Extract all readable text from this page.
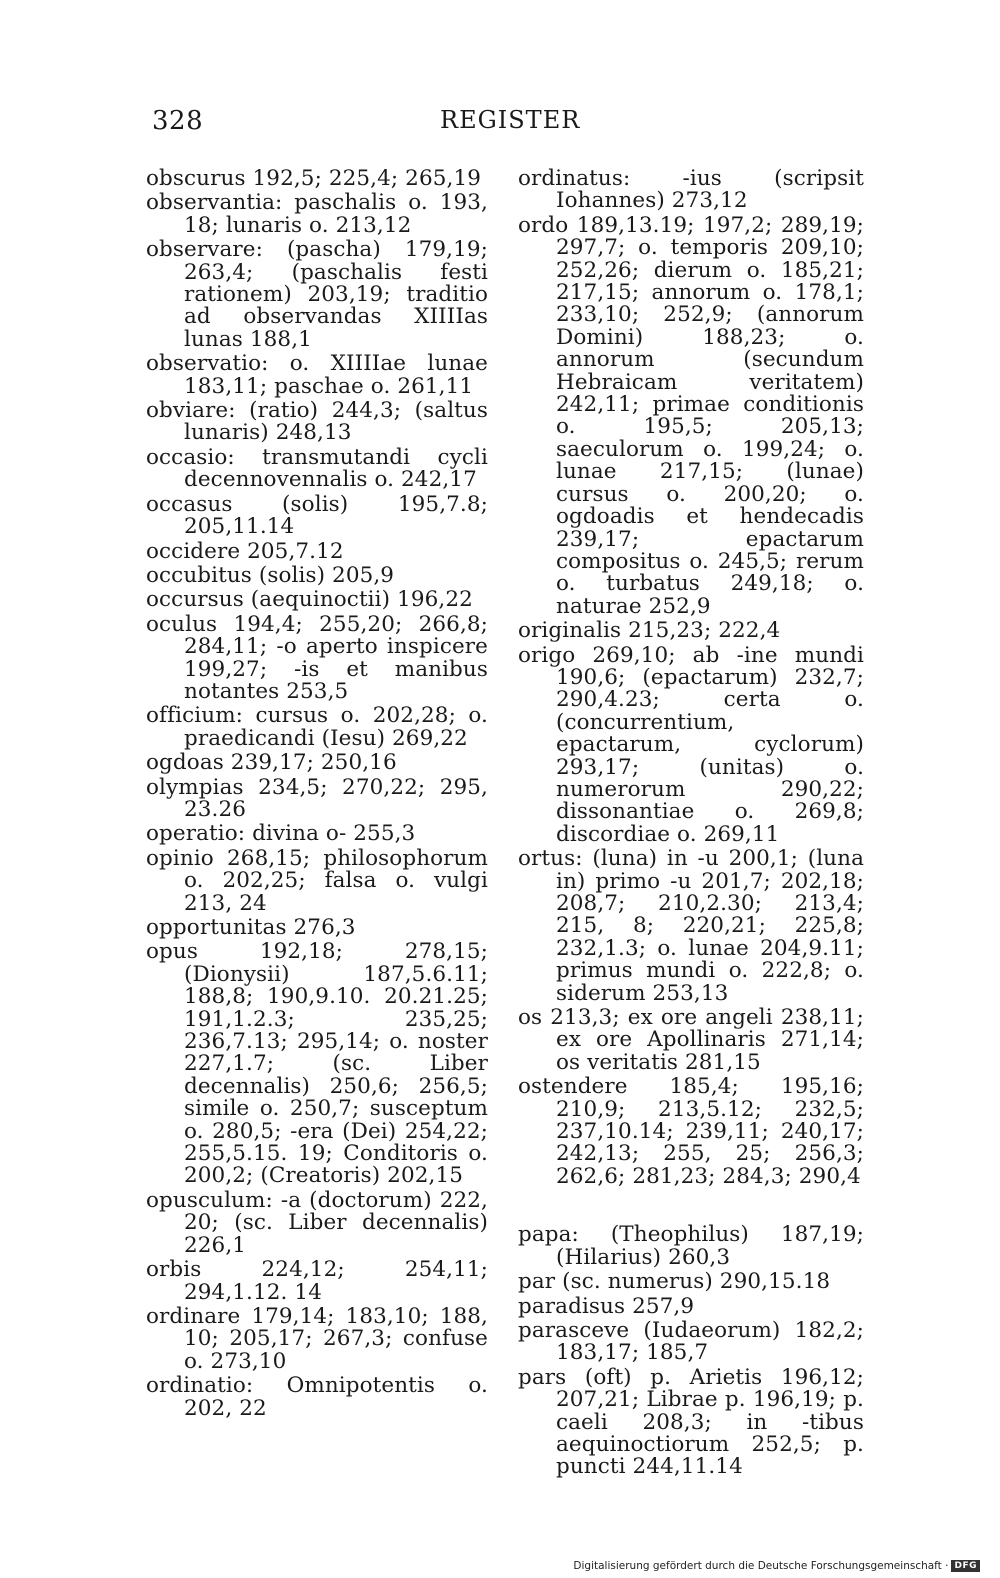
328	REGISTER
obscurus 192,5; 225,4; 265,19
observantia: paschalis o. 193, 18; lunaris o. 213,12
observare: (pascha) 179,19; 263,4; (paschalis festi rationem) 203,19; traditio ad observandas XIIIIas lunas 188,1
observatio: o. XIIIIae lunae 183,11; paschae o. 261,11
obviare: (ratio) 244,3; (saltus lunaris) 248,13
occasio: transmutandi cycli decennovennalis o. 242,17
occasus (solis) 195,7.8; 205,11.14
occidere 205,7.12
occubitus (solis) 205,9
occursus (aequinoctii) 196,22
oculus 194,4; 255,20; 266,8; 284,11; -o aperto inspicere 199,27; -is et manibus notantes 253,5
officium: cursus o. 202,28; o. praedicandi (Iesu) 269,22
ogdoas 239,17; 250,16
olympias 234,5; 270,22; 295, 23.26
operatio: divina o- 255,3
opinio 268,15; philosophorum o. 202,25; falsa o. vulgi 213, 24
opportunitas 276,3
opus 192,18; 278,15; (Dionysii) 187,5.6.11; 188,8; 190,9.10. 20.21.25; 191,1.2.3; 235,25; 236,7.13; 295,14; o. noster 227,1.7; (sc. Liber decennalis) 250,6; 256,5; simile o. 250,7; susceptum o. 280,5; -era (Dei) 254,22; 255,5.15. 19; Conditoris o. 200,2; (Creatoris) 202,15
opusculum: -a (doctorum) 222, 20; (sc. Liber decennalis) 226,1
orbis 224,12; 254,11; 294,1.12. 14
ordinare 179,14; 183,10; 188, 10; 205,17; 267,3; confuse o. 273,10
ordinatio: Omnipotentis o. 202, 22
ordinatus: -ius (scripsit Iohannes) 273,12
ordo 189,13.19; 197,2; 289,19; 297,7; o. temporis 209,10; 252,26; dierum o. 185,21; 217,15; annorum o. 178,1; 233,10; 252,9; (annorum Domini) 188,23; o. annorum (secundum Hebraicam veritatem) 242,11; primae conditionis o. 195,5; 205,13; saeculorum o. 199,24; o. lunae 217,15; (lunae) cursus o. 200,20; o. ogdoadis et hendecadis 239,17; epactarum compositus o. 245,5; rerum o. turbatus 249,18; o. naturae 252,9
originalis 215,23; 222,4
origo 269,10; ab -ine mundi 190,6; (epactarum) 232,7; 290,4.23; certa o. (concurrentium, epactarum, cyclorum) 293,17; (unitas) o. numerorum 290,22; dissonantiae o. 269,8; discordiae o. 269,11
ortus: (luna) in -u 200,1; (luna in) primo -u 201,7; 202,18; 208,7; 210,2.30; 213,4; 215, 8; 220,21; 225,8; 232,1.3; o. lunae 204,9.11; primus mundi o. 222,8; o. siderum 253,13
os 213,3; ex ore angeli 238,11; ex ore Apollinaris 271,14; os veritatis 281,15
ostendere 185,4; 195,16; 210,9; 213,5.12; 232,5; 237,10.14; 239,11; 240,17; 242,13; 255, 25; 256,3; 262,6; 281,23; 284,3; 290,4
papa: (Theophilus) 187,19; (Hilarius) 260,3
par (sc. numerus) 290,15.18
paradisus 257,9
parasceve (Iudaeorum) 182,2; 183,17; 185,7
pars (oft) p. Arietis 196,12; 207,21; Librae p. 196,19; p. caeli 208,3; in -tibus aequinoctiorum 252,5; p. puncti 244,11.14
Digitalisierung gefördert durch die Deutsche Forschungsgemeinschaft · DFG
